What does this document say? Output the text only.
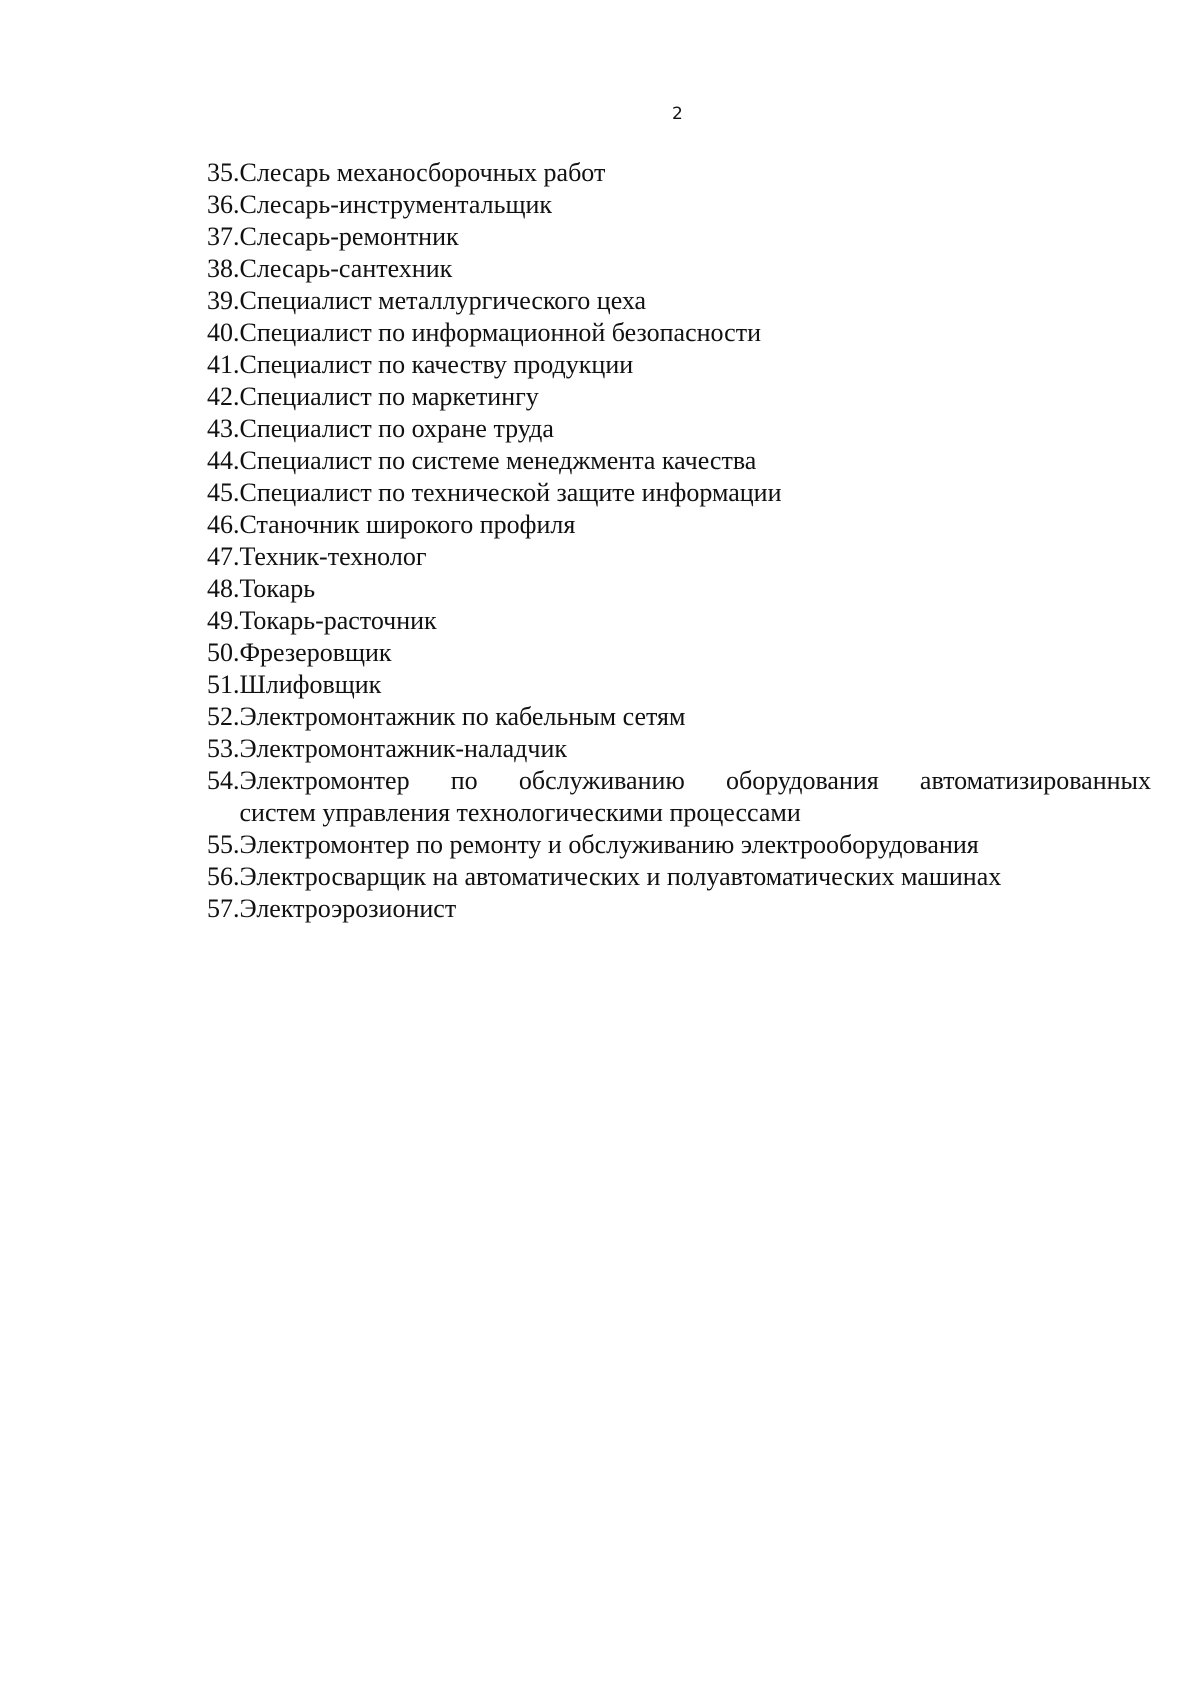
2
35. Слесарь механосборочных работ
36. Слесарь-инструментальщик
37. Слесарь-ремонтник
38. Слесарь-сантехник
39. Специалист металлургического цеха
40. Специалист по информационной безопасности
41. Специалист по качеству продукции
42. Специалист по маркетингу
43. Специалист по охране труда
44. Специалист по системе менеджмента качества
45. Специалист по технической защите информации
46. Станочник широкого профиля
47. Техник-технолог
48. Токарь
49. Токарь-расточник
50. Фрезеровщик
51. Шлифовщик
52. Электромонтажник по кабельным сетям
53. Электромонтажник-наладчик
54. Электромонтер по обслуживанию оборудования автоматизированных
систем управления технологическими процессами
55. Электромонтер по ремонту и обслуживанию электрооборудования
56. Электросварщик на автоматических и полуавтоматических машинах
57. Электроэрозионист
